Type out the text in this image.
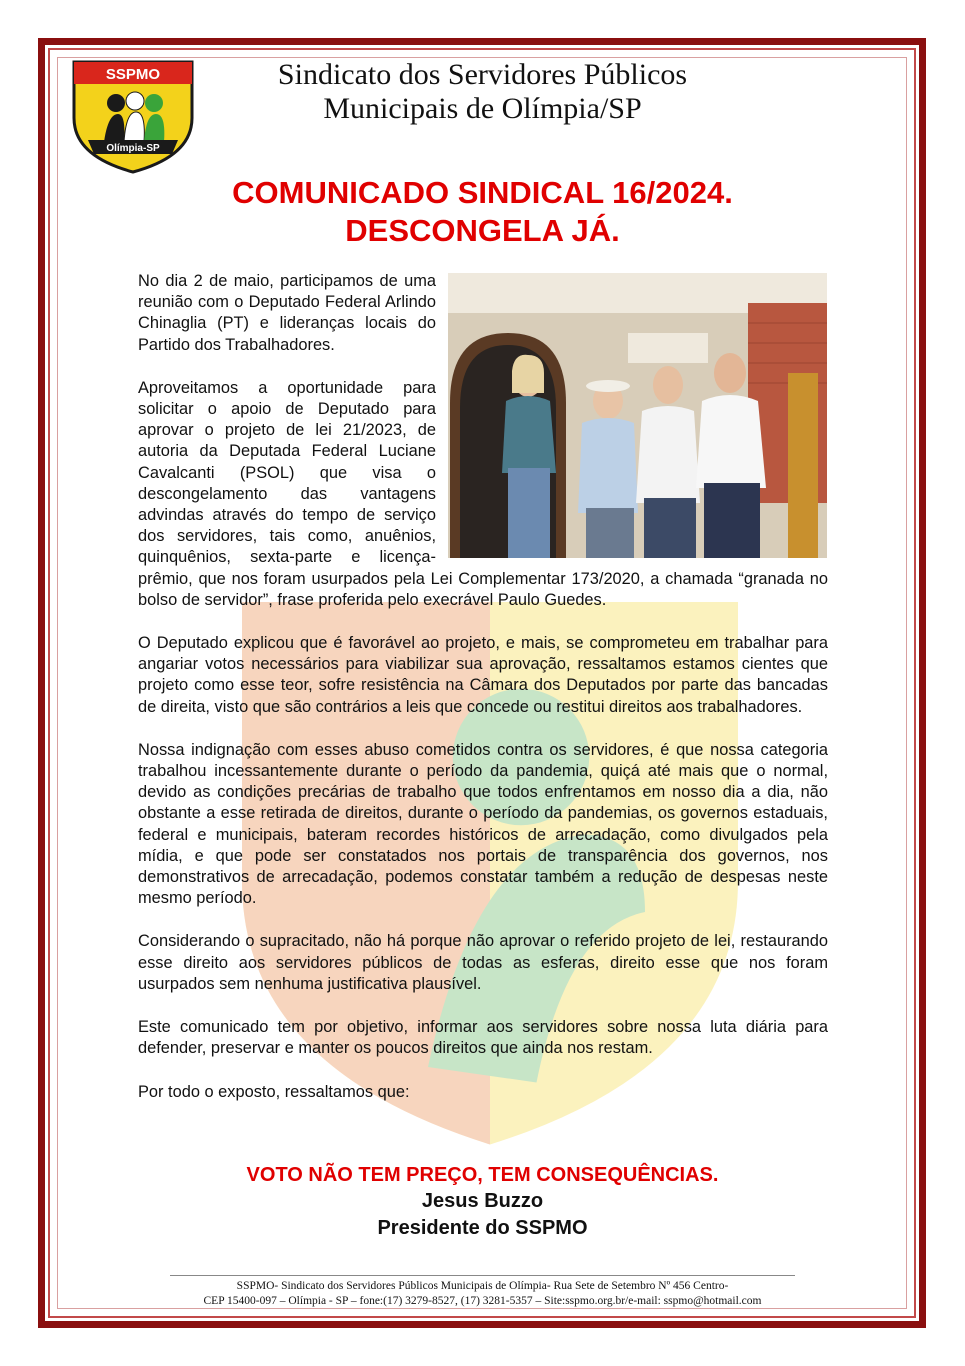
SSPMO
Olímpia-SP
Sindicato dos Servidores Públicos
Municipais de Olímpia/SP
COMUNICADO SINDICAL 16/2024.
DESCONGELA JÁ.

No dia 2 de maio, participamos de uma reunião com o Deputado Federal Arlindo Chinaglia (PT) e lideranças locais do Partido dos Trabalhadores.

Aproveitamos a oportunidade para solicitar o apoio de Deputado para aprovar o projeto de lei 21/2023, de autoria da Deputada Federal Luciane Cavalcanti (PSOL) que visa o descongelamento das vantagens advindas através do tempo de serviço dos servidores, tais como, anuênios, quinquênios, sexta-parte e licença-prêmio, que nos foram usurpados pela Lei Complementar 173/2020, a chamada “granada no bolso de servidor”, frase proferida pelo execrável Paulo Guedes.

O Deputado explicou que é favorável ao projeto, e mais, se comprometeu em trabalhar para angariar votos necessários para viabilizar sua aprovação, ressaltamos estamos cientes que projeto como esse teor, sofre resistência na Câmara dos Deputados por parte das bancadas de direita, visto que são contrários a leis que concede ou restitui direitos aos trabalhadores.

Nossa indignação com esses abuso cometidos contra os servidores, é que nossa categoria trabalhou incessantemente durante o período da pandemia, quiçá até mais que o normal, devido as condições precárias de trabalho que todos enfrentamos em nosso dia a dia, não obstante a esse retirada de direitos, durante o período da pandemias, os governos estaduais, federal e municipais, bateram recordes históricos de arrecadação, como divulgados pela mídia, e que pode ser constatados nos portais de transparência dos governos, nos demonstrativos de arrecadação, podemos constatar também a redução de despesas neste mesmo período.

Considerando o supracitado, não há porque não aprovar o referido projeto de lei, restaurando esse direito aos servidores públicos de todas as esferas, direito esse que nos foram usurpados sem nenhuma justificativa plausível.

Este comunicado tem por objetivo, informar aos servidores sobre nossa luta diária para defender, preservar e manter os poucos direitos que ainda nos restam.

Por todo o exposto, ressaltamos que:

VOTO NÃO TEM PREÇO, TEM CONSEQUÊNCIAS.
Jesus Buzzo
Presidente do SSPMO
SSPMO- Sindicato dos Servidores Públicos Municipais de Olímpia- Rua Sete de Setembro Nº 456 Centro-
CEP 15400-097 – Olímpia - SP – fone:(17) 3279-8527, (17) 3281-5357 – Site:sspmo.org.br/e-mail: sspmo@hotmail.com
